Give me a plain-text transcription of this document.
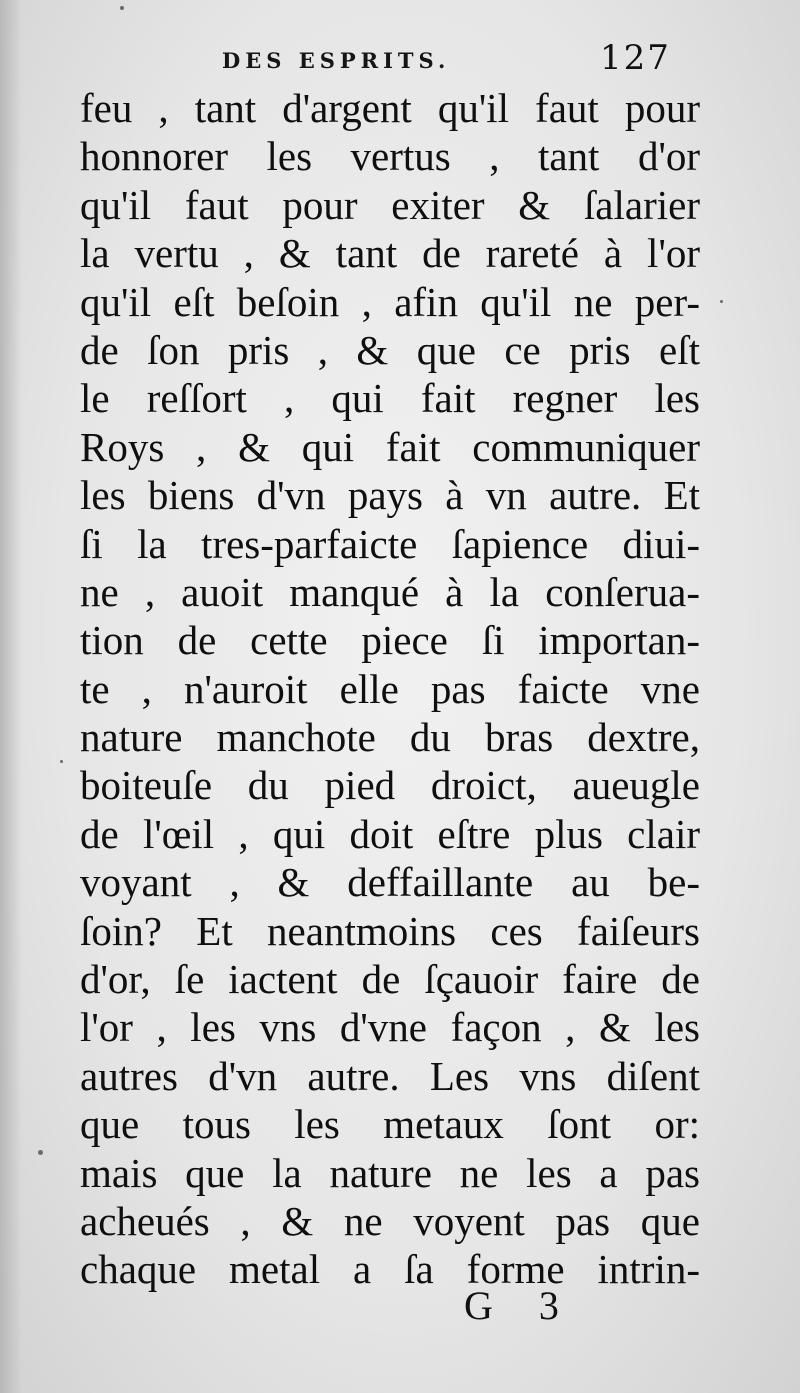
DES ESPRITS.	127
feu , tant d'argent qu'il faut pour
honnorer les vertus , tant d'or
qu'il faut pour exiter & ſalarier
la vertu , & tant de rareté à l'or
qu'il eſt beſoin , afin qu'il ne per-
de ſon pris , & que ce pris eſt
le reſſort , qui fait regner les
Roys , & qui fait communiquer
les biens d'vn pays à vn autre. Et
ſi la tres-parfaicte ſapience diui-
ne , auoit manqué à la conſerua-
tion de cette piece ſi importan-
te , n'auroit elle pas faicte vne
nature manchote du bras dextre,
boiteuſe du pied droict, aueugle
de l'œil , qui doit eſtre plus clair
voyant , & deffaillante au be-
ſoin? Et neantmoins ces faiſeurs
d'or, ſe iactent de ſçauoir faire de
l'or , les vns d'vne façon , & les
autres d'vn autre. Les vns diſent
que tous les metaux ſont or:
mais que la nature ne les a pas
acheués , & ne voyent pas que
chaque metal a ſa forme intrin-
G 3
